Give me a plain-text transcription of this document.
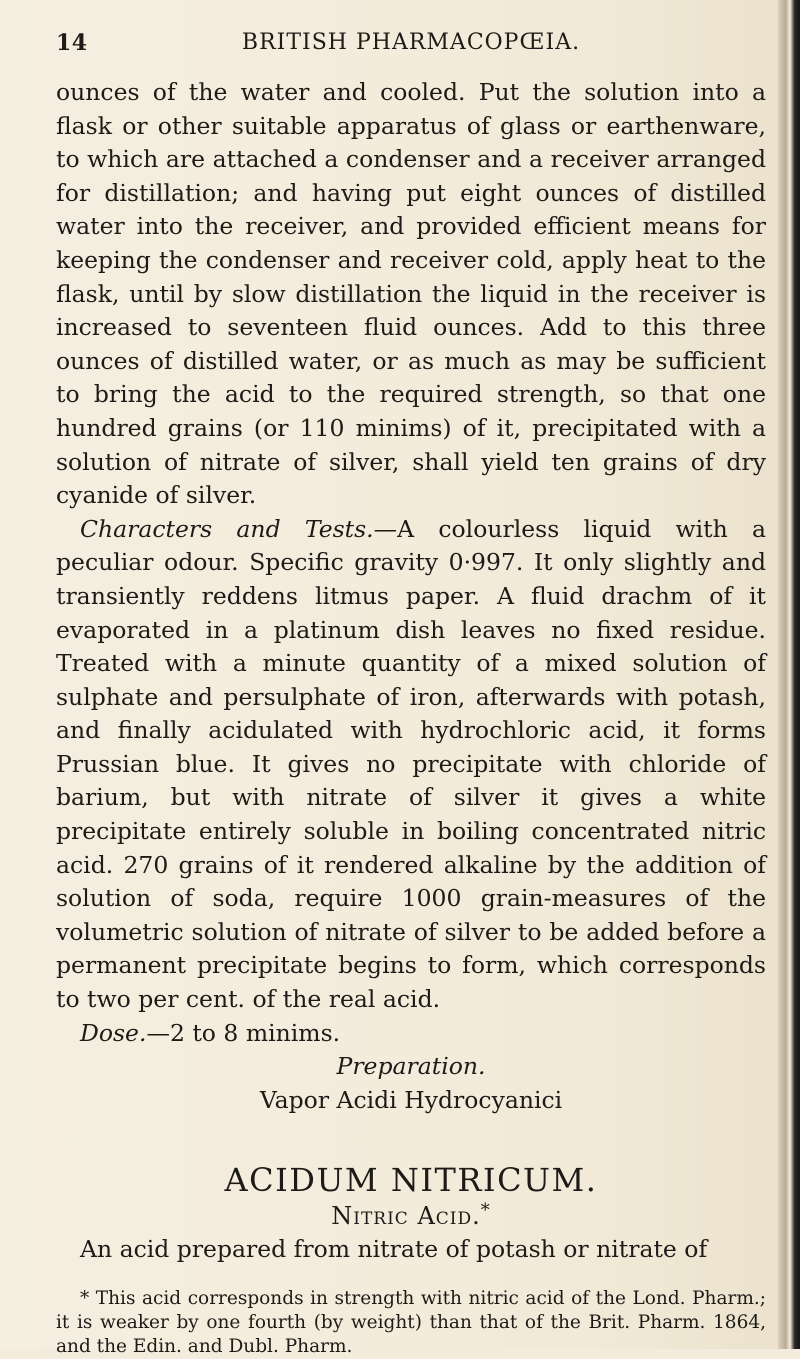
14	BRITISH PHARMACOPŒIA.

ounces of the water and cooled. Put the solution into a flask or other suitable apparatus of glass or earthenware, to which are attached a condenser and a receiver arranged for distillation; and having put eight ounces of distilled water into the receiver, and provided efficient means for keeping the condenser and receiver cold, apply heat to the flask, until by slow distillation the liquid in the receiver is increased to seventeen fluid ounces. Add to this three ounces of distilled water, or as much as may be sufficient to bring the acid to the required strength, so that one hundred grains (or 110 minims) of it, precipitated with a solution of nitrate of silver, shall yield ten grains of dry cyanide of silver.

Characters and Tests.—A colourless liquid with a peculiar odour. Specific gravity 0·997. It only slightly and transiently reddens litmus paper. A fluid drachm of it evaporated in a platinum dish leaves no fixed residue. Treated with a minute quantity of a mixed solution of sulphate and persulphate of iron, afterwards with potash, and finally acidulated with hydrochloric acid, it forms Prussian blue. It gives no precipitate with chloride of barium, but with nitrate of silver it gives a white precipitate entirely soluble in boiling concentrated nitric acid. 270 grains of it rendered alkaline by the addition of solution of soda, require 1000 grain-measures of the volumetric solution of nitrate of silver to be added before a permanent precipitate begins to form, which corresponds to two per cent. of the real acid.

Dose.—2 to 8 minims.

Preparation.

Vapor Acidi Hydrocyanici

ACIDUM NITRICUM.

Nitric Acid.*

An acid prepared from nitrate of potash or nitrate of

* This acid corresponds in strength with nitric acid of the Lond. Pharm.; it is weaker by one fourth (by weight) than that of the Brit. Pharm. 1864, and the Edin. and Dubl. Pharm.
